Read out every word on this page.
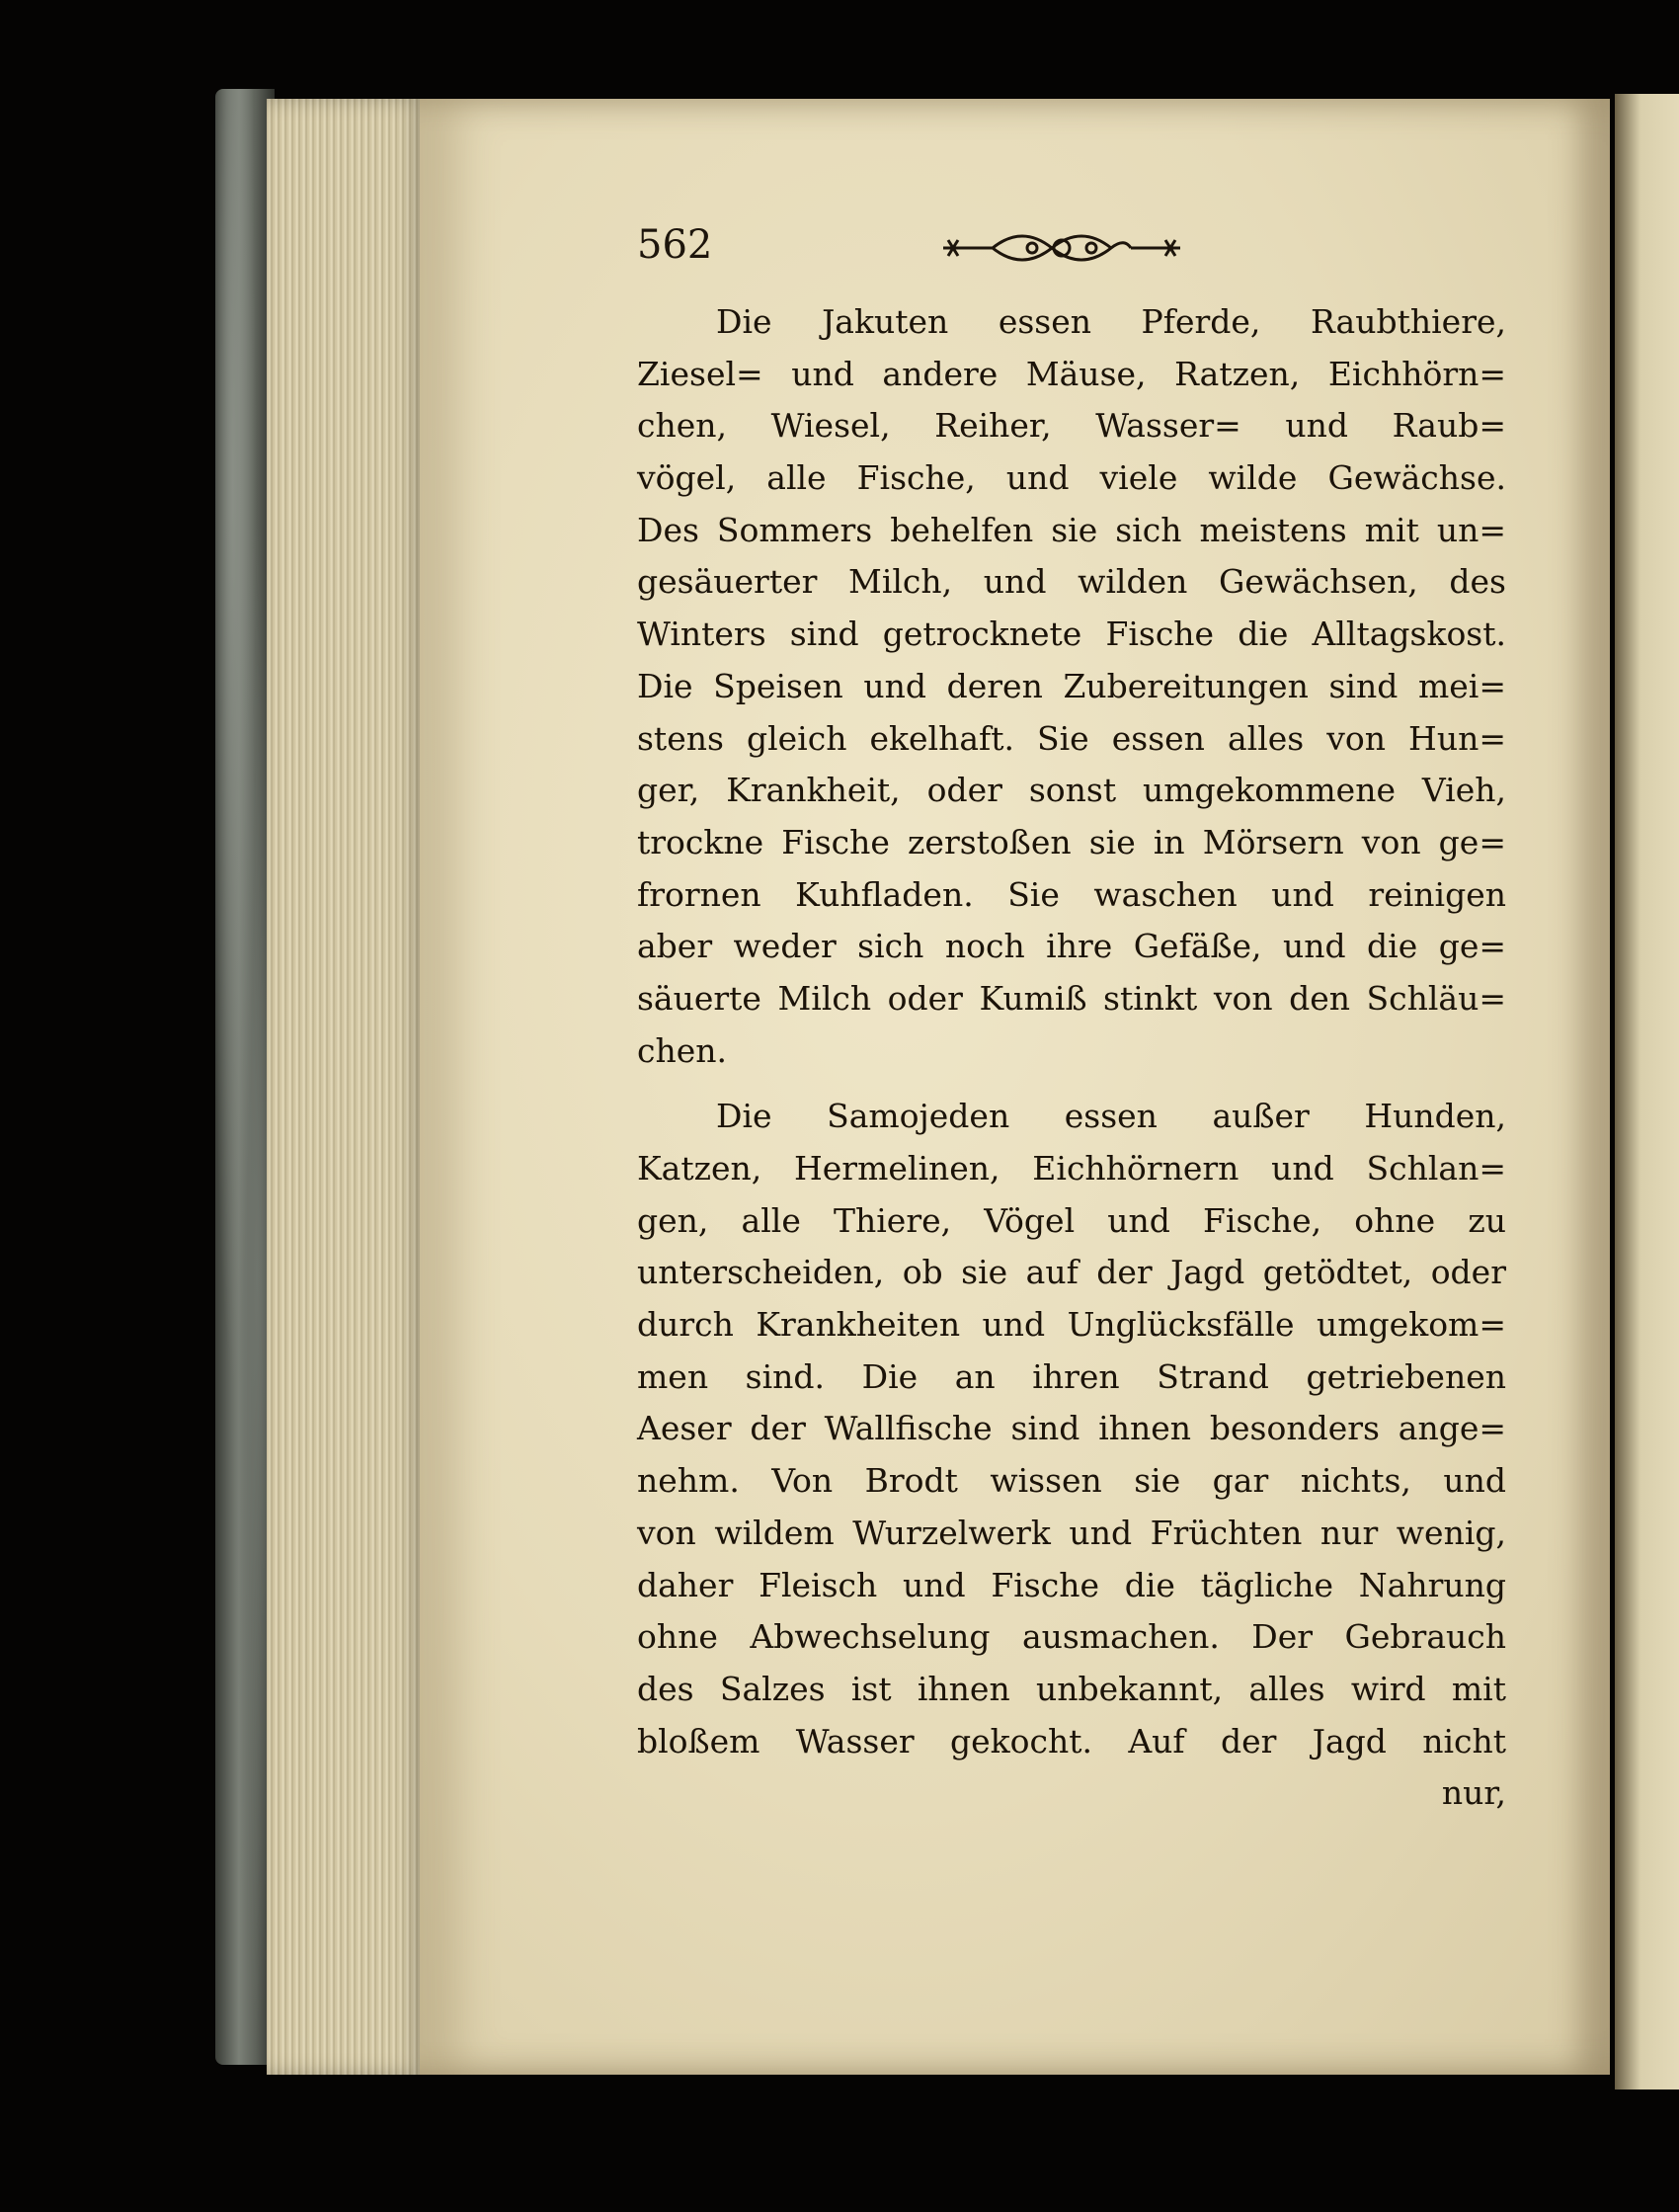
562
Die Jakuten essen Pferde, Raubthiere,
Ziesel= und andere Mäuse, Ratzen, Eichhörn=
chen, Wiesel, Reiher, Wasser= und Raub=
vögel, alle Fische, und viele wilde Gewächse.
Des Sommers behelfen sie sich meistens mit un=
gesäuerter Milch, und wilden Gewächsen, des
Winters sind getrocknete Fische die Alltagskost.
Die Speisen und deren Zubereitungen sind mei=
stens gleich ekelhaft. Sie essen alles von Hun=
ger, Krankheit, oder sonst umgekommene Vieh,
trockne Fische zerstoßen sie in Mörsern von ge=
frornen Kuhfladen. Sie waschen und reinigen
aber weder sich noch ihre Gefäße, und die ge=
säuerte Milch oder Kumiß stinkt von den Schläu=
chen.
Die Samojeden essen außer Hunden,
Katzen, Hermelinen, Eichhörnern und Schlan=
gen, alle Thiere, Vögel und Fische, ohne zu
unterscheiden, ob sie auf der Jagd getödtet, oder
durch Krankheiten und Unglücksfälle umgekom=
men sind. Die an ihren Strand getriebenen
Aeser der Wallfische sind ihnen besonders ange=
nehm. Von Brodt wissen sie gar nichts, und
von wildem Wurzelwerk und Früchten nur wenig,
daher Fleisch und Fische die tägliche Nahrung
ohne Abwechselung ausmachen. Der Gebrauch
des Salzes ist ihnen unbekannt, alles wird mit
bloßem Wasser gekocht. Auf der Jagd nicht
nur,
